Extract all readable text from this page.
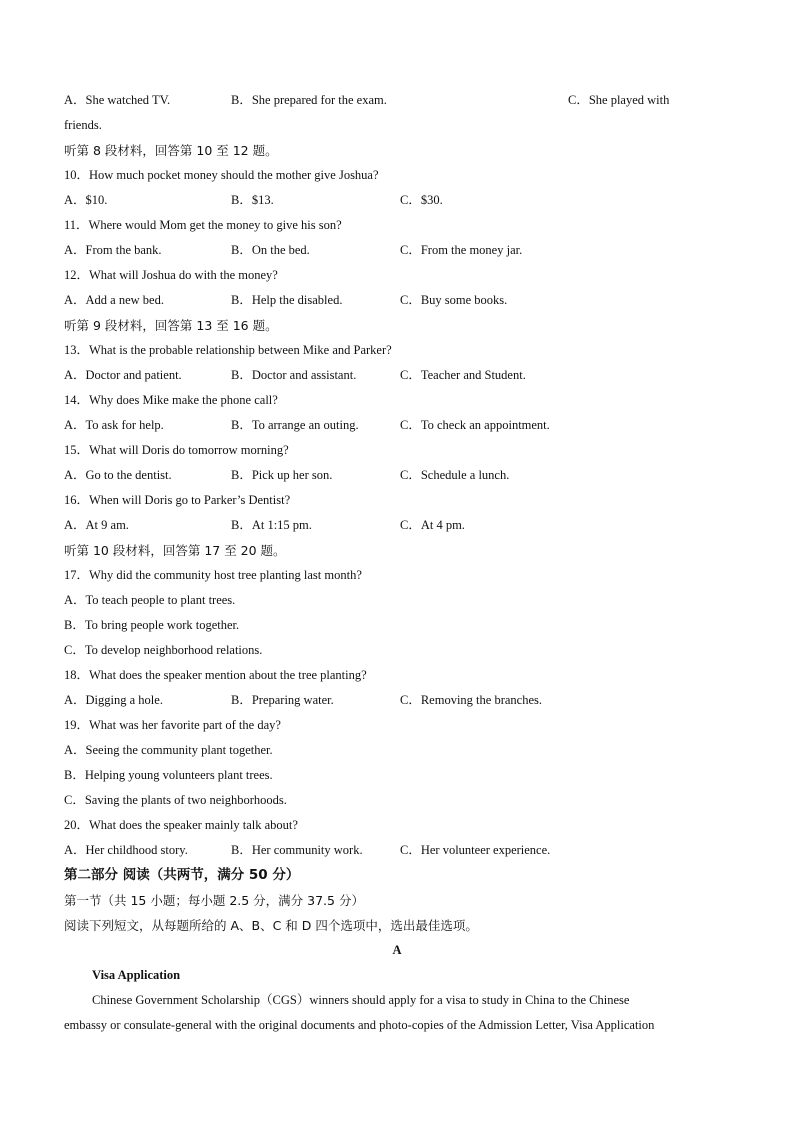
A．She watched TV.	B．She prepared for the exam.	C．She played with
friends.
听第 8 段材料，回答第 10 至 12 题。
10．How much pocket money should the mother give Joshua?
A．$10.	B．$13.	C．$30.
11．Where would Mom get the money to give his son?
A．From the bank.	B．On the bed.	C．From the money jar.
12．What will Joshua do with the money?
A．Add a new bed.	B．Help the disabled.	C．Buy some books.
听第 9 段材料，回答第 13 至 16 题。
13．What is the probable relationship between Mike and Parker?
A．Doctor and patient.	B．Doctor and assistant.	C．Teacher and Student.
14．Why does Mike make the phone call?
A．To ask for help.	B．To arrange an outing.	C．To check an appointment.
15．What will Doris do tomorrow morning?
A．Go to the dentist.	B．Pick up her son.	C．Schedule a lunch.
16．When will Doris go to Parker’s Dentist?
A．At 9 am.	B．At 1:15 pm.	C．At 4 pm.
听第 10 段材料，回答第 17 至 20 题。
17．Why did the community host tree planting last month?
A．To teach people to plant trees.
B．To bring people work together.
C．To develop neighborhood relations.
18．What does the speaker mention about the tree planting?
A．Digging a hole.	B．Preparing water.	C．Removing the branches.
19．What was her favorite part of the day?
A．Seeing the community plant together.
B．Helping young volunteers plant trees.
C．Saving the plants of two neighborhoods.
20．What does the speaker mainly talk about?
A．Her childhood story.	B．Her community work.	C．Her volunteer experience.
第二部分 阅读（共两节，满分 50 分）
第一节（共 15 小题；每小题 2.5 分，满分 37.5 分）
阅读下列短文，从每题所给的 A、B、C 和 D 四个选项中，选出最佳选项。
A
Visa Application
Chinese Government Scholarship（CGS）winners should apply for a visa to study in China to the Chinese
embassy or consulate-general with the original documents and photo-copies of the Admission Letter, Visa Application
